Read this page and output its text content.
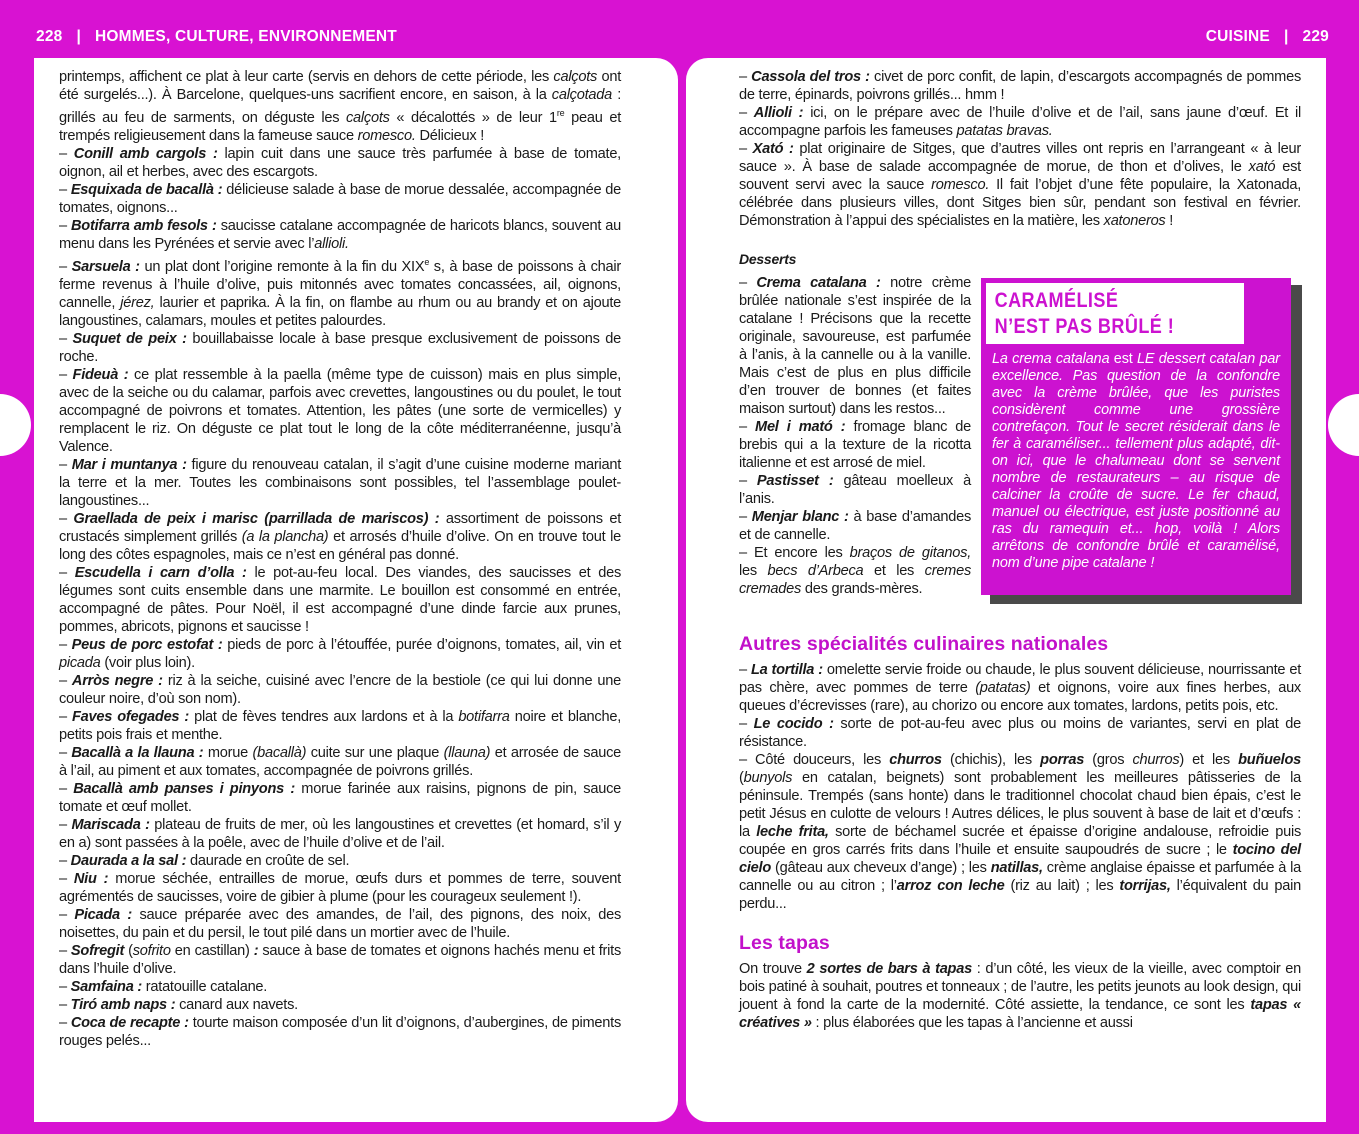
228 | HOMMES, CULTURE, ENVIRONNEMENT	CUISINE | 229

printemps, affichent ce plat à leur carte (servis en dehors de cette période, les calçots ont été surgelés...). À Barcelone, quelques-uns sacrifient encore, en saison, à la calçotada : grillés au feu de sarments, on déguste les calçots « décalottés » de leur 1re peau et trempés religieusement dans la fameuse sauce romesco. Délicieux !

– Conill amb cargols : lapin cuit dans une sauce très parfumée à base de tomate, oignon, ail et herbes, avec des escargots.

– Esquixada de bacallà : délicieuse salade à base de morue dessalée, accompagnée de tomates, oignons...

– Botifarra amb fesols : saucisse catalane accompagnée de haricots blancs, souvent au menu dans les Pyrénées et servie avec l’allioli.

– Sarsuela : un plat dont l’origine remonte à la fin du XIXe s, à base de poissons à chair ferme revenus à l’huile d’olive, puis mitonnés avec tomates concassées, ail, oignons, cannelle, jérez, laurier et paprika. À la fin, on flambe au rhum ou au brandy et on ajoute langoustines, calamars, moules et petites palourdes.

– Suquet de peix : bouillabaisse locale à base presque exclusivement de poissons de roche.

– Fideuà : ce plat ressemble à la paella (même type de cuisson) mais en plus simple, avec de la seiche ou du calamar, parfois avec crevettes, langoustines ou du poulet, le tout accompagné de poivrons et tomates. Attention, les pâtes (une sorte de vermicelles) y remplacent le riz. On déguste ce plat tout le long de la côte méditerranéenne, jusqu’à Valence.

– Mar i muntanya : figure du renouveau catalan, il s’agit d’une cuisine moderne mariant la terre et la mer. Toutes les combinaisons sont possibles, tel l’assemblage poulet-langoustines...

– Graellada de peix i marisc (parrillada de mariscos) : assortiment de poissons et crustacés simplement grillés (a la plancha) et arrosés d’huile d’olive. On en trouve tout le long des côtes espagnoles, mais ce n’est en général pas donné.

– Escudella i carn d’olla : le pot-au-feu local. Des viandes, des saucisses et des légumes sont cuits ensemble dans une marmite. Le bouillon est consommé en entrée, accompagné de pâtes. Pour Noël, il est accompagné d’une dinde farcie aux prunes, pommes, abricots, pignons et saucisse !

– Peus de porc estofat : pieds de porc à l’étouffée, purée d’oignons, tomates, ail, vin et picada (voir plus loin).

– Arròs negre : riz à la seiche, cuisiné avec l’encre de la bestiole (ce qui lui donne une couleur noire, d’où son nom).

– Faves ofegades : plat de fèves tendres aux lardons et à la botifarra noire et blanche, petits pois frais et menthe.

– Bacallà a la llauna : morue (bacallà) cuite sur une plaque (llauna) et arrosée de sauce à l’ail, au piment et aux tomates, accompagnée de poivrons grillés.

– Bacallà amb panses i pinyons : morue farinée aux raisins, pignons de pin, sauce tomate et œuf mollet.

– Mariscada : plateau de fruits de mer, où les langoustines et crevettes (et homard, s’il y en a) sont passées à la poêle, avec de l’huile d’olive et de l’ail.

– Daurada a la sal : daurade en croûte de sel.

– Niu : morue séchée, entrailles de morue, œufs durs et pommes de terre, souvent agrémentés de saucisses, voire de gibier à plume (pour les courageux seulement !).

– Picada : sauce préparée avec des amandes, de l’ail, des pignons, des noix, des noisettes, du pain et du persil, le tout pilé dans un mortier avec de l’huile.

– Sofregit (sofrito en castillan) : sauce à base de tomates et oignons hachés menu et frits dans l’huile d’olive.

– Samfaina : ratatouille catalane.

– Tiró amb naps : canard aux navets.

– Coca de recapte : tourte maison composée d’un lit d’oignons, d’aubergines, de piments rouges pelés...

– Cassola del tros : civet de porc confit, de lapin, d’escargots accompagnés de pommes de terre, épinards, poivrons grillés... hmm !

– Allioli : ici, on le prépare avec de l’huile d’olive et de l’ail, sans jaune d’œuf. Et il accompagne parfois les fameuses patatas bravas.

– Xató : plat originaire de Sitges, que d’autres villes ont repris en l’arrangeant « à leur sauce ». À base de salade accompagnée de morue, de thon et d’olives, le xató est souvent servi avec la sauce romesco. Il fait l’objet d’une fête populaire, la Xatonada, célébrée dans plusieurs villes, dont Sitges bien sûr, pendant son festival en février. Démonstration à l’appui des spécialistes en la matière, les xatoneros !

Desserts

– Crema catalana : notre crème brûlée nationale s’est inspirée de la catalane ! Précisons que la recette originale, savoureuse, est parfumée à l’anis, à la cannelle ou à la vanille. Mais c’est de plus en plus difficile d’en trouver de bonnes (et faites maison surtout) dans les restos...

– Mel i mató : fromage blanc de brebis qui a la texture de la ricotta italienne et est arrosé de miel.

– Pastisset : gâteau moelleux à l’anis.

– Menjar blanc : à base d’amandes et de cannelle.

– Et encore les braços de gitanos, les becs d’Arbeca et les cremes cremades des grands-mères.

CARAMÉLISÉ
N’EST PAS BRÛLÉ !
La crema catalana est LE dessert catalan par excellence. Pas question de la confondre avec la crème brûlée, que les puristes considèrent comme une grossière contrefaçon. Tout le secret résiderait dans le fer à caraméliser... tellement plus adapté, dit-on ici, que le chalumeau dont se servent nombre de restaurateurs – au risque de calciner la croûte de sucre. Le fer chaud, manuel ou électrique, est juste positionné au ras du ramequin et... hop, voilà ! Alors arrêtons de confondre brûlé et caramélisé, nom d’une pipe catalane !
Autres spécialités culinaires nationales

– La tortilla : omelette servie froide ou chaude, le plus souvent délicieuse, nourrissante et pas chère, avec pommes de terre (patatas) et oignons, voire aux fines herbes, aux queues d’écrevisses (rare), au chorizo ou encore aux tomates, lardons, petits pois, etc.

– Le cocido : sorte de pot-au-feu avec plus ou moins de variantes, servi en plat de résistance.

– Côté douceurs, les churros (chichis), les porras (gros churros) et les buñuelos (bunyols en catalan, beignets) sont probablement les meilleures pâtisseries de la péninsule. Trempés (sans honte) dans le traditionnel chocolat chaud bien épais, c’est le petit Jésus en culotte de velours ! Autres délices, le plus souvent à base de lait et d’œufs : la leche frita, sorte de béchamel sucrée et épaisse d’origine andalouse, refroidie puis coupée en gros carrés frits dans l’huile et ensuite saupoudrés de sucre ; le tocino del cielo (gâteau aux cheveux d’ange) ; les natillas, crème anglaise épaisse et parfumée à la cannelle ou au citron ; l’arroz con leche (riz au lait) ; les torrijas, l’équivalent du pain perdu...

Les tapas

On trouve 2 sortes de bars à tapas : d’un côté, les vieux de la vieille, avec comptoir en bois patiné à souhait, poutres et tonneaux ; de l’autre, les petits jeunots au look design, qui jouent à fond la carte de la modernité. Côté assiette, la tendance, ce sont les tapas « créatives » : plus élaborées que les tapas à l’ancienne et aussi
